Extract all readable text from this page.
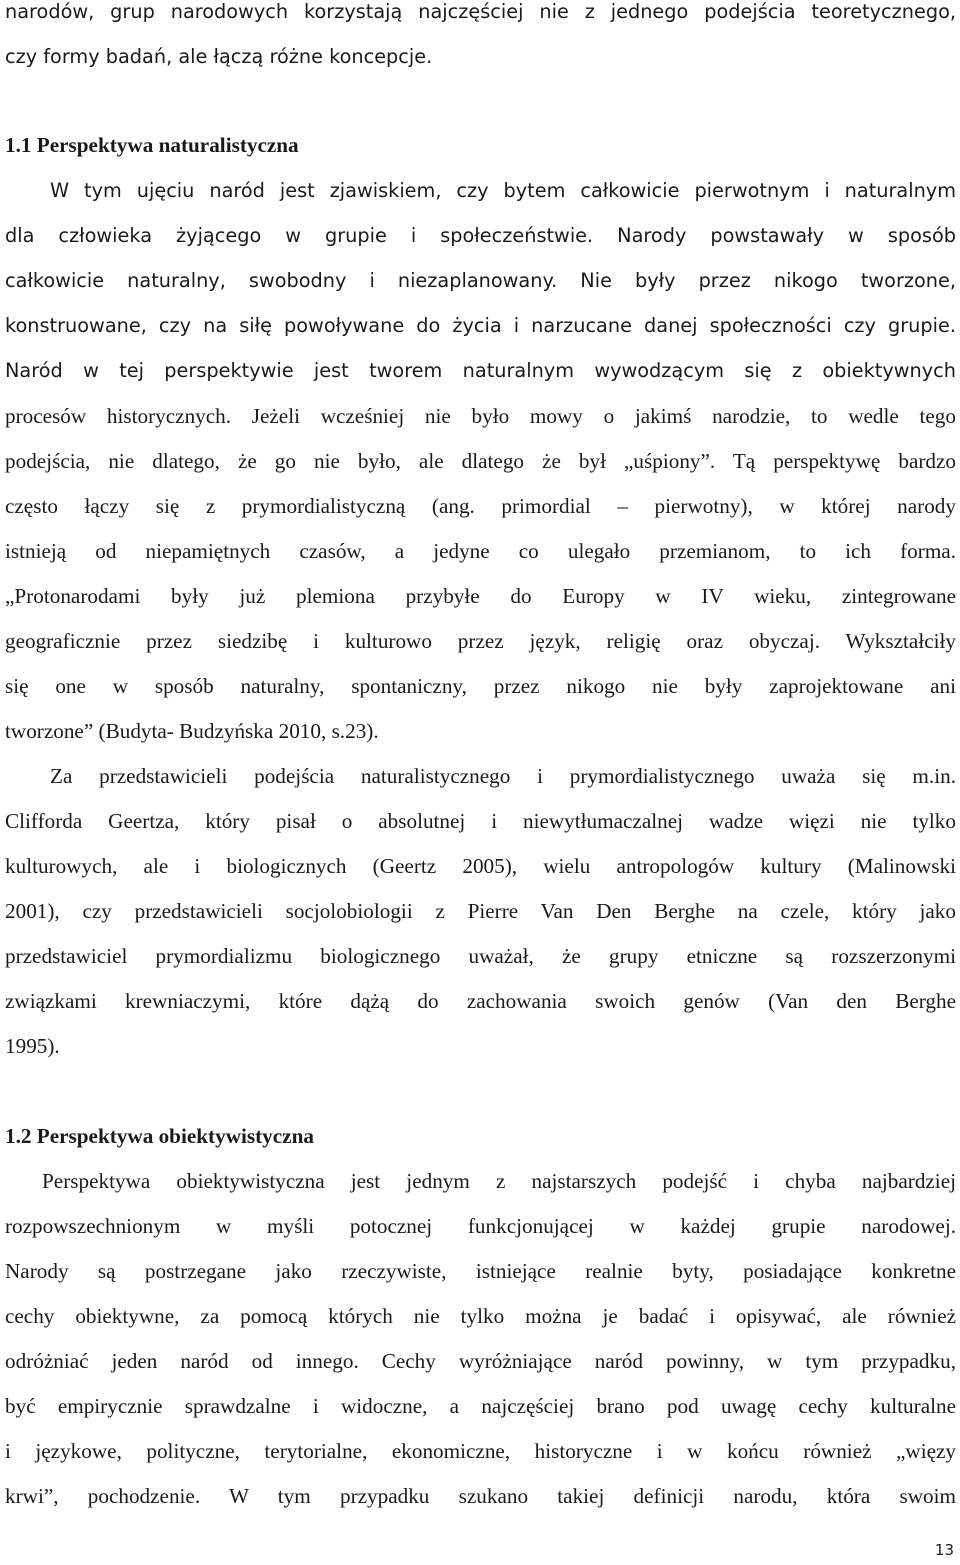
narodów, grup narodowych korzystają najczęściej nie z jednego podejścia teoretycznego,
czy formy badań, ale łączą różne koncepcje.
1.1 Perspektywa naturalistyczna
W tym ujęciu naród jest zjawiskiem, czy bytem całkowicie pierwotnym i naturalnym
dla człowieka żyjącego w grupie i społeczeństwie. Narody powstawały w sposób
całkowicie naturalny, swobodny i niezaplanowany. Nie były przez nikogo tworzone,
konstruowane, czy na siłę powoływane do życia i narzucane danej społeczności czy grupie.
Naród w tej perspektywie jest tworem naturalnym wywodzącym się z obiektywnych
procesów historycznych. Jeżeli wcześniej nie było mowy o jakimś narodzie, to wedle tego
podejścia, nie dlatego, że go nie było, ale dlatego że był „uśpiony”. Tą perspektywę bardzo
często łączy się z prymordialistyczną (ang. primordial – pierwotny), w której narody
istnieją od niepamiętnych czasów, a jedyne co ulegało przemianom, to ich forma.
„Protonarodami były już plemiona przybyłe do Europy w IV wieku, zintegrowane
geograficznie przez siedzibę i kulturowo przez język, religię oraz obyczaj. Wykształciły
się one w sposób naturalny, spontaniczny, przez nikogo nie były zaprojektowane ani
tworzone” (Budyta- Budzyńska 2010, s.23).
Za przedstawicieli podejścia naturalistycznego i prymordialistycznego uważa się m.in.
Clifforda Geertza, który pisał o absolutnej i niewytłumaczalnej wadze więzi nie tylko
kulturowych, ale i biologicznych (Geertz 2005), wielu antropologów kultury (Malinowski
2001), czy przedstawicieli socjolobiologii z Pierre Van Den Berghe na czele, który jako
przedstawiciel prymordializmu biologicznego uważał, że grupy etniczne są rozszerzonymi
związkami krewniaczymi, które dążą do zachowania swoich genów (Van den Berghe
1995).
1.2 Perspektywa obiektywistyczna
Perspektywa obiektywistyczna jest jednym z najstarszych podejść i chyba najbardziej
rozpowszechnionym w myśli potocznej funkcjonującej w każdej grupie narodowej.
Narody są postrzegane jako rzeczywiste, istniejące realnie byty, posiadające konkretne
cechy obiektywne, za pomocą których nie tylko można je badać i opisywać, ale również
odróżniać jeden naród od innego. Cechy wyróżniające naród powinny, w tym przypadku,
być empirycznie sprawdzalne i widoczne, a najczęściej brano pod uwagę cechy kulturalne
i językowe, polityczne, terytorialne, ekonomiczne, historyczne i w końcu również „więzy
krwi”, pochodzenie. W tym przypadku szukano takiej definicji narodu, która swoim
13
